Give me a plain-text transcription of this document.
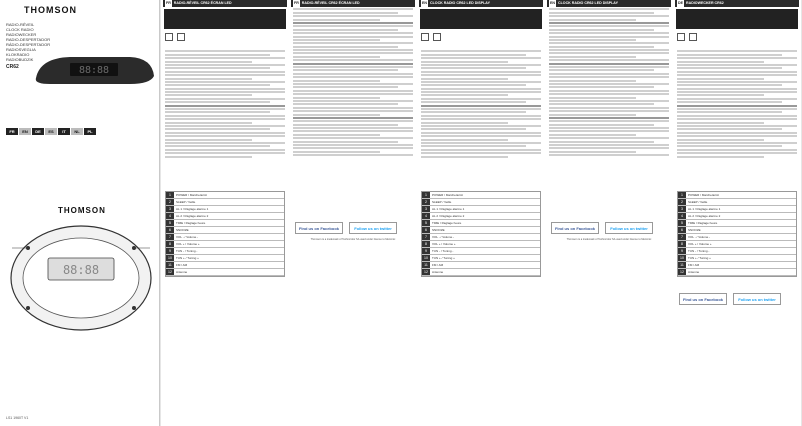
THOMSON
RADIO-RÉVEIL
CLOCK RADIO
RADIOWECKER
RADIO-DESPERTADOR
RÁDIO-DESPERTADOR
RADIOSVEGLIA
KLOKRADIO
RADIOBUDZIK
CR62	88:88
FR	EN	DE	ES	IT	NL	PL
THOMSON
88:88
LS1 1960T V1
FR RADIO-RÉVEIL CR62 ÉCRAN LED
1	POWER / Marche/arrêt
2	SLEEP / Veille
3	AL 1 / Réglage alarme 1
4	AL 2 / Réglage alarme 2
5	TIME / Réglage heure
6	SNOOZE
7	VOL - / Volume -
8	VOL + / Volume +
9	TUN - / Tuning -
10	TUN + / Tuning +
11	FM / AM
12	Antenne
FR RADIO-RÉVEIL CR62 ÉCRAN LED
Find us on Facebook	Follow us on twitter
Thomson is a trademark of Technicolor SA used under license to Metronic
EN CLOCK RADIO CR62 LED DISPLAY
1	POWER / Marche/arrêt
2	SLEEP / Veille
3	AL 1 / Réglage alarme 1
4	AL 2 / Réglage alarme 2
5	TIME / Réglage heure
6	SNOOZE
7	VOL - / Volume -
8	VOL + / Volume +
9	TUN - / Tuning -
10	TUN + / Tuning +
11	FM / AM
12	Antenne
EN CLOCK RADIO CR62 LED DISPLAY
Find us on Facebook	Follow us on twitter
Thomson is a trademark of Technicolor SA used under license to Metronic
DE RADIOWECKER CR62
1	POWER / Marche/arrêt
2	SLEEP / Veille
3	AL 1 / Réglage alarme 1
4	AL 2 / Réglage alarme 2
5	TIME / Réglage heure
6	SNOOZE
7	VOL - / Volume -
8	VOL + / Volume +
9	TUN - / Tuning -
10	TUN + / Tuning +
11	FM / AM
12	Antenne
Find us on Facebook	Follow us on twitter
